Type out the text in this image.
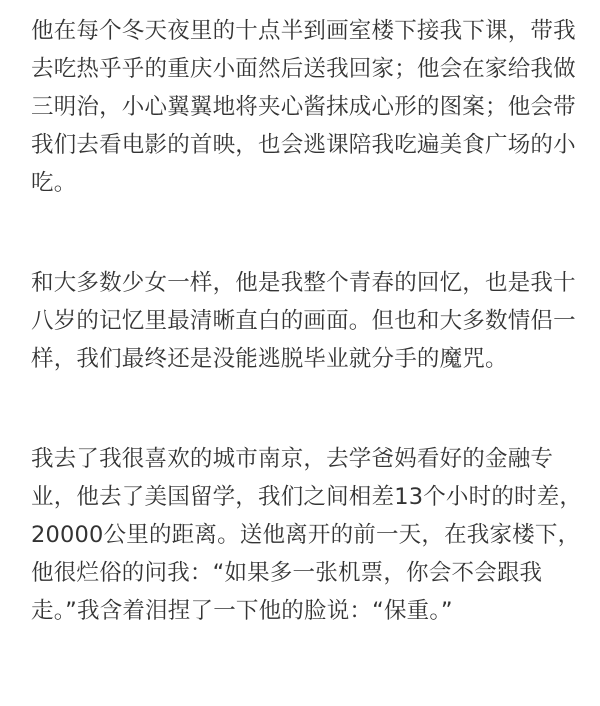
他在每个冬天夜里的十点半到画室楼下接我下课，带我
去吃热乎乎的重庆小面然后送我回家；他会在家给我做
三明治，小心翼翼地将夹心酱抹成心形的图案；他会带
我们去看电影的首映，也会逃课陪我吃遍美食广场的小
吃。
和大多数少女一样，他是我整个青春的回忆，也是我十
八岁的记忆里最清晰直白的画面。但也和大多数情侣一
样，我们最终还是没能逃脱毕业就分手的魔咒。
我去了我很喜欢的城市南京，去学爸妈看好的金融专
业，他去了美国留学，我们之间相差13个小时的时差，
20000公里的距离。送他离开的前一天，在我家楼下，
他很烂俗的问我：“如果多一张机票，你会不会跟我
走。”我含着泪捏了一下他的脸说：“保重。”
